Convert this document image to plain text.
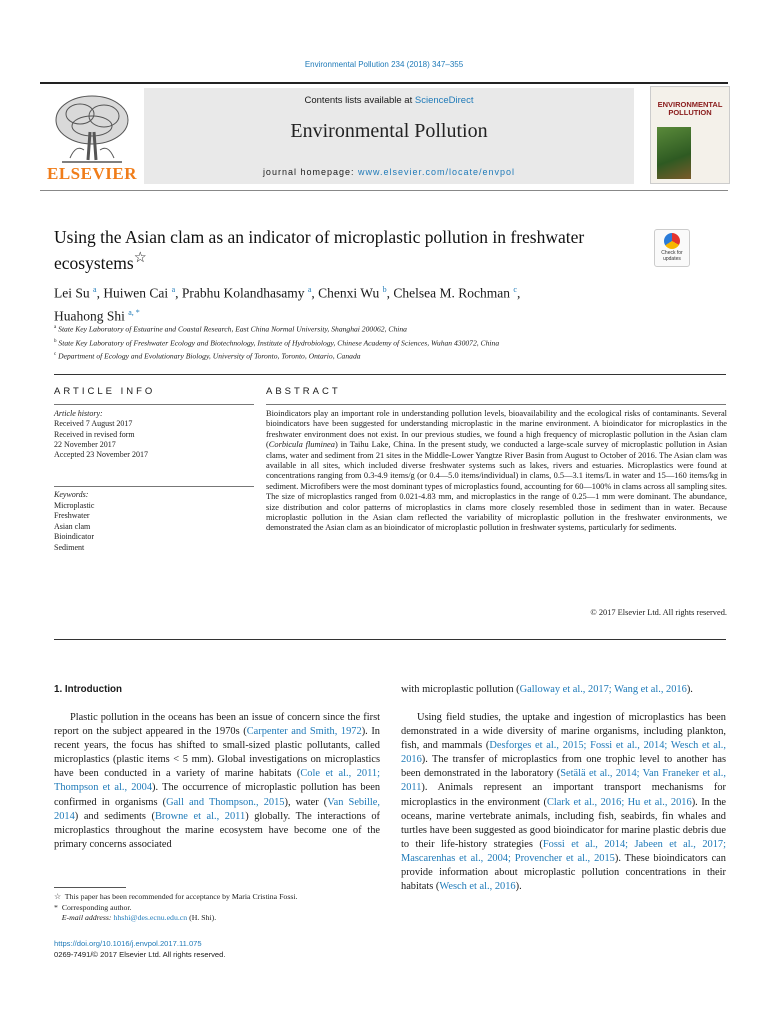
Environmental Pollution 234 (2018) 347–355
ELSEVIER
Contents lists available at ScienceDirect
Environmental Pollution
journal homepage: www.elsevier.com/locate/envpol
ENVIRONMENTAL POLLUTION
Using the Asian clam as an indicator of microplastic pollution in freshwater ecosystems☆	Check for updates
Lei Su $^a$, Huiwen Cai $^a$, Prabhu Kolandhasamy $^a$, Chenxi Wu $^b$, Chelsea M. Rochman $^c$,
Huahong Shi $^{a, *}$
$^a$ State Key Laboratory of Estuarine and Coastal Research, East China Normal University, Shanghai 200062, China
$^b$ State Key Laboratory of Freshwater Ecology and Biotechnology, Institute of Hydrobiology, Chinese Academy of Sciences, Wuhan 430072, China
$^c$ Department of Ecology and Evolutionary Biology, University of Toronto, Toronto, Ontario, Canada
ARTICLE INFO	ABSTRACT
Article history:
Received 7 August 2017
Received in revised form
22 November 2017
Accepted 23 November 2017
Keywords:
Microplastic
Freshwater
Asian clam
Bioindicator
Sediment
Bioindicators play an important role in understanding pollution levels, bioavailability and the ecological risks of contaminants. Several bioindicators have been suggested for understanding microplastic in the marine environment. A bioindicator for microplastics in the freshwater environment does not exist. In our previous studies, we found a high frequency of microplastic pollution in the Asian clam (Corbicula fluminea) in Taihu Lake, China. In the present study, we conducted a large-scale survey of microplastic pollution in Asian clams, water and sediment from 21 sites in the Middle-Lower Yangtze River Basin from August to October of 2016. The Asian clam was available in all sites, which included diverse freshwater systems such as lakes, rivers and estuaries. Microplastics were found at concentrations ranging from 0.3-4.9 items/g (or 0.4—5.0 items/individual) in clams, 0.5—3.1 items/L in water and 15—160 items/kg in sediment. Microfibers were the most dominant types of microplastics found, accounting for 60—100% in clams across all sampling sites. The size of microplastics ranged from 0.021-4.83 mm, and microplastics in the range of 0.25—1 mm were dominant. The abundance, size distribution and color patterns of microplastics in clams more closely resembled those in sediment than in water. Because microplastic pollution in the Asian clam reflected the variability of microplastic pollution in the freshwater environments, we demonstrated the Asian clam as an bioindicator of microplastic pollution in freshwater systems, particularly for sediments.
© 2017 Elsevier Ltd. All rights reserved.
1. Introduction
Plastic pollution in the oceans has been an issue of concern since the first report on the subject appeared in the 1970s (Carpenter and Smith, 1972). In recent years, the focus has shifted to small-sized plastic pollutants, called microplastics (plastic items < 5 mm). Global investigations on microplastics have been conducted in a variety of marine habitats (Cole et al., 2011; Thompson et al., 2004). The occurrence of microplastic pollution has been confirmed in organisms (Gall and Thompson., 2015), water (Van Sebille, 2014) and sediments (Browne et al., 2011) globally. The interactions of microplastics throughout the marine ecosystem have become one of the primary concerns associated
with microplastic pollution (Galloway et al., 2017; Wang et al., 2016).
Using field studies, the uptake and ingestion of microplastics has been demonstrated in a wide diversity of marine organisms, including plankton, fish, and mammals (Desforges et al., 2015; Fossi et al., 2014; Wesch et al., 2016). The transfer of microplastics from one trophic level to another has been demonstrated in the laboratory (Setälä et al., 2014; Van Franeker et al., 2011). Animals represent an important transport mechanisms for microplastics in the environment (Clark et al., 2016; Hu et al., 2016). In the oceans, marine vertebrate animals, including fish, seabirds, fin whales and turtles have been suggested as good bioindicator for marine plastic debris due to their life-history strategies (Fossi et al., 2014; Jabeen et al., 2017; Mascarenhas et al., 2004; Provencher et al., 2015). These bioindicators can provide information about microplastic pollution concentrations in their habitats (Wesch et al., 2016).
☆ This paper has been recommended for acceptance by Maria Cristina Fossi.
* Corresponding author.
E-mail address: hhshi@des.ecnu.edu.cn (H. Shi).
https://doi.org/10.1016/j.envpol.2017.11.075
0269-7491/© 2017 Elsevier Ltd. All rights reserved.
